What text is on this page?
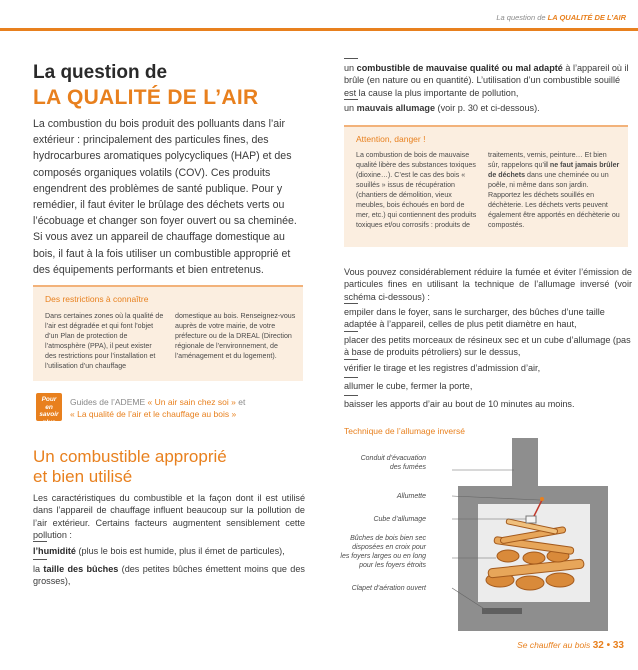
La question de LA QUALITÉ DE L’AIR
La question de
LA QUALITÉ DE L’AIR
La combustion du bois produit des polluants dans l’air extérieur : principalement des particules fines, des hydrocarbures aromatiques polycycliques (HAP) et des composés organiques volatils (COV). Ces produits engendrent des problèmes de santé publique. Pour y remédier, il faut éviter le brûlage des déchets verts ou l’écobuage et changer son foyer ouvert ou sa cheminée. Si vous avez un appareil de chauffage domestique au bois, il faut à la fois utiliser un combustible approprié et des équipements performants et bien entretenus.
Des restrictions à connaître
Dans certaines zones où la qualité de l’air est dégradée et qui font l’objet d’un Plan de protection de l’atmosphère (PPA), il peut exister des restrictions pour l’installation et l’utilisation d’un chauffage
domestique au bois. Renseignez-vous auprès de votre mairie, de votre préfecture ou de la DREAL (Direction régionale de l’environnement, de l’aménagement et du logement).
Pour
en savoir
plus
Guides de l’ADEME « Un air sain chez soi » et
« La qualité de l’air et le chauffage au bois »
Un combustible approprié
et bien utilisé
Les caractéristiques du combustible et la façon dont il est utilisé dans l’appareil de chauffage influent beaucoup sur la pollution de l’air extérieur. Certains facteurs augmentent sensiblement cette pollution :
l’humidité (plus le bois est humide, plus il émet de particules),
la taille des bûches (des petites bûches émettent moins que des grosses),
un combustible de mauvaise qualité ou mal adapté à l’appareil où il brûle (en nature ou en quantité). L’utilisation d’un combustible souillé est la cause la plus importante de pollution,
un mauvais allumage (voir p. 30 et ci-dessous).
Attention, danger !
La combustion de bois de mauvaise qualité libère des substances toxiques (dioxine…). C’est le cas des bois « souillés » issus de récupération (chantiers de démolition, vieux meubles, bois échoués en bord de mer, etc.) qui contiennent des produits toxiques et/ou corrosifs : produits de
traitements, vernis, peinture… Et bien sûr, rappelons qu’il ne faut jamais brûler de déchets dans une cheminée ou un poêle, ni même dans son jardin. Rapportez les déchets souillés en déchèterie. Les déchets verts peuvent également être apportés en déchèterie ou compostés.
Vous pouvez considérablement réduire la fumée et éviter l’émission de particules fines en utilisant la technique de l’allumage inversé (voir schéma ci-dessous) :
empiler dans le foyer, sans le surcharger, des bûches d’une taille adaptée à l’appareil, celles de plus petit diamètre en haut,
placer des petits morceaux de résineux sec et un cube d’allumage (pas à base de produits pétroliers) sur le dessus,
vérifier le tirage et les registres d’admission d’air,
allumer le cube, fermer la porte,
baisser les apports d’air au bout de 10 minutes au moins.
Technique de l’allumage inversé
Conduit d’évacuation
des fumées
Allumette
Cube d’allumage
Bûches de bois bien sec
disposées en croix pour
les foyers larges ou en long
pour les foyers étroits
Clapet d’aération ouvert
Se chauffer au bois 32 • 33
